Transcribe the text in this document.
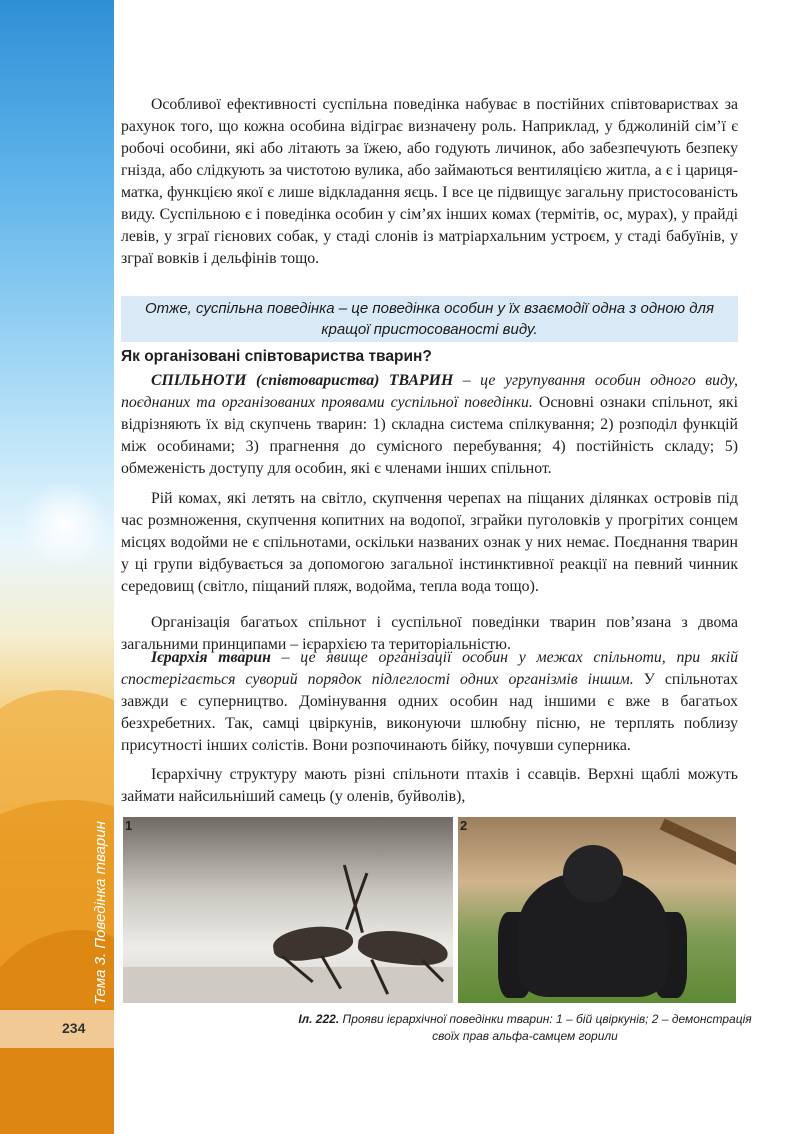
Тема 3. Поведінка тварин
234

Особливої ефективності суспільна поведінка набуває в постійних співтовариствах за рахунок того, що кожна особина відіграє визначену роль. Наприклад, у бджолиній сім’ї є робочі особини, які або літають за їжею, або годують личинок, або забезпечують безпеку гнізда, або слідкують за чистотою вулика, або займаються вентиляцією житла, а є і цариця-матка, функцією якої є лише відкладання яєць. І все це підвищує загальну пристосованість виду. Суспільною є і поведінка особин у сім’ях інших комах (термітів, ос, мурах), у прайді левів, у зграї гієнових собак, у стаді слонів із матріархальним устроєм, у стаді бабуїнів, у зграї вовків і дельфінів тощо.

Отже, суспільна поведінка – це поведінка особин у їх взаємодії одна з одною для кращої пристосованості виду.
Як організовані співтовариства тварин?

СПІЛЬНОТИ (співтовариства) ТВАРИН – це угрупування особин одного виду, поєднаних та організованих проявами суспільної поведінки. Основні ознаки спільнот, які відрізняють їх від скупчень тварин: 1) складна система спілкування; 2) розподіл функцій між особинами; 3) прагнення до сумісного перебування; 4) постійність складу; 5) обмеженість доступу для особин, які є членами інших спільнот.

Рій комах, які летять на світло, скупчення черепах на піщаних ділянках островів під час розмноження, скупчення копитних на водопої, зграйки пуголовків у прогрітих сонцем місцях водойми не є спільнотами, оскільки названих ознак у них немає. Поєднання тварин у ці групи відбувається за допомогою загальної інстинктивної реакції на певний чинник середовищ (світло, піщаний пляж, водойма, тепла вода тощо).

Організація багатьох спільнот і суспільної поведінки тварин пов’язана з двома загальними принципами – ієрархією та територіальністю.

Ієрархія тварин – це явище організації особин у межах спільноти, при якій спостерігається суворий порядок підлеглості одних організмів іншим. У спільнотах завжди є суперництво. Домінування одних особин над іншими є вже в багатьох безхребетних. Так, самці цвіркунів, виконуючи шлюбну пісню, не терплять поблизу присутності інших солістів. Вони розпочинають бійку, почувши суперника.

Ієрархічну структуру мають різні спільноти птахів і ссавців. Верхні щаблі можуть займати найсильніший самець (у оленів, буйволів),

1	2
Іл. 222. Прояви ієрархічної поведінки тварин: 1 – бій цвіркунів; 2 – демонстрація своїх прав альфа-самцем горили
